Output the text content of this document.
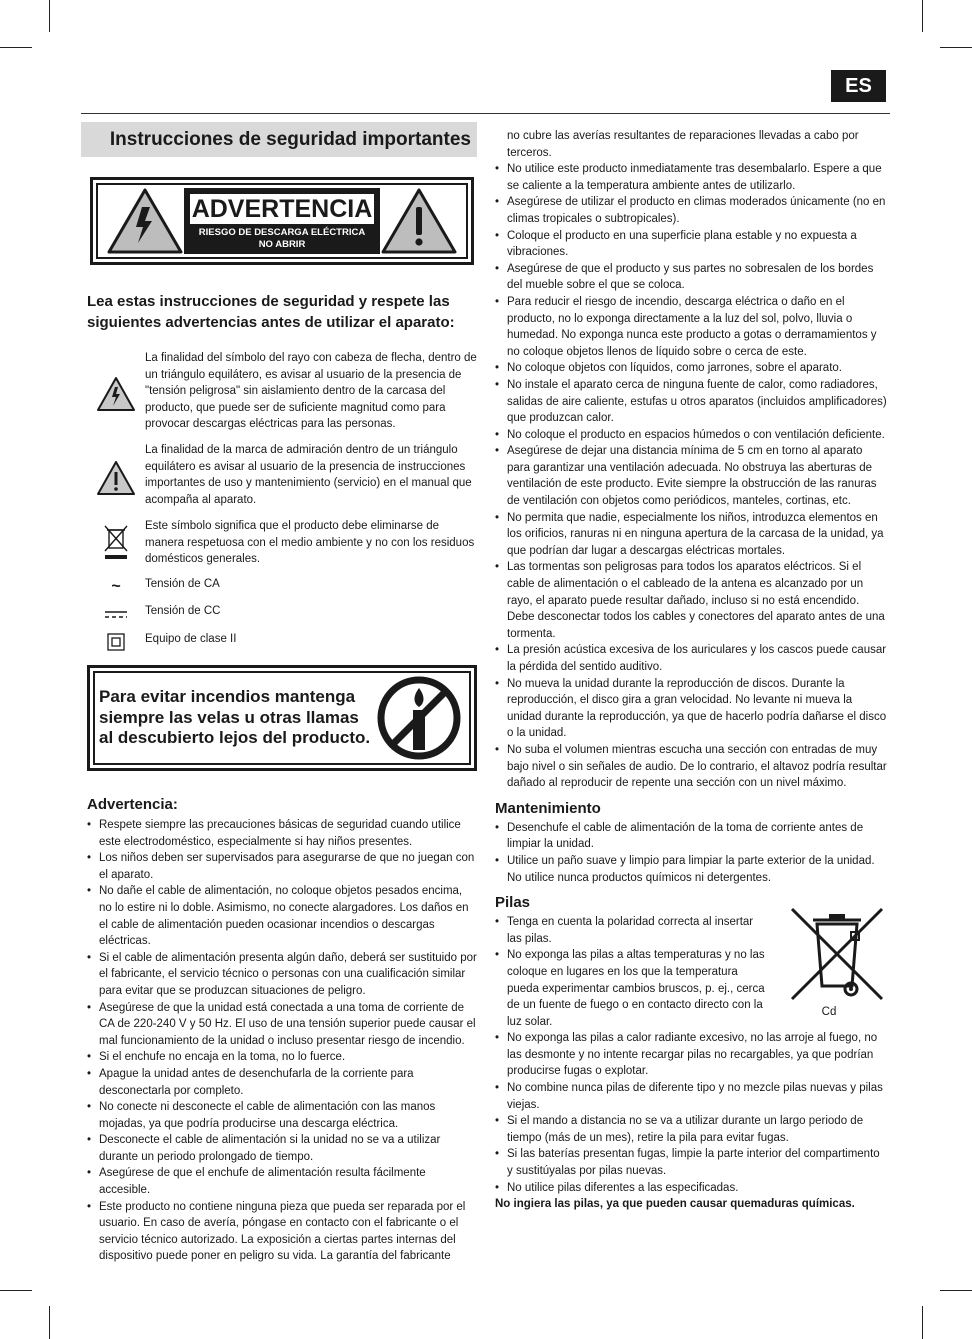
ES
Instrucciones de seguridad importantes
ADVERTENCIA
RIESGO DE DESCARGA ELÉCTRICA
NO ABRIR
Lea estas instrucciones de seguridad y respete las siguientes advertencias antes de utilizar el aparato:
La finalidad del símbolo del rayo con cabeza de flecha, dentro de un triángulo equilátero, es avisar al usuario de la presencia de "tensión peligrosa" sin aislamiento dentro de la carcasa del producto, que puede ser de suficiente magnitud como para provocar descargas eléctricas para las personas.
La finalidad de la marca de admiración dentro de un triángulo equilátero es avisar al usuario de la presencia de instrucciones importantes de uso y mantenimiento (servicio) en el manual que acompaña al aparato.
Este símbolo significa que el producto debe eliminarse de manera respetuosa con el medio ambiente y no con los residuos domésticos generales.
~	Tensión de CA
Tensión de CC
Equipo de clase II
Para evitar incendios mantenga siempre las velas u otras llamas al descubierto lejos del producto.
Advertencia:
• Respete siempre las precauciones básicas de seguridad cuando utilice este electrodoméstico, especialmente si hay niños presentes.
• Los niños deben ser supervisados para asegurarse de que no juegan con el aparato.
• No dañe el cable de alimentación, no coloque objetos pesados encima, no lo estire ni lo doble. Asimismo, no conecte alargadores. Los daños en el cable de alimentación pueden ocasionar incendios o descargas eléctricas.
• Si el cable de alimentación presenta algún daño, deberá ser sustituido por el fabricante, el servicio técnico o personas con una cualificación similar para evitar que se produzcan situaciones de peligro.
• Asegúrese de que la unidad está conectada a una toma de corriente de CA de 220-240 V y 50 Hz. El uso de una tensión superior puede causar el mal funcionamiento de la unidad o incluso presentar riesgo de incendio.
• Si el enchufe no encaja en la toma, no lo fuerce.
• Apague la unidad antes de desenchufarla de la corriente para desconectarla por completo.
• No conecte ni desconecte el cable de alimentación con las manos mojadas, ya que podría producirse una descarga eléctrica.
• Desconecte el cable de alimentación si la unidad no se va a utilizar durante un periodo prolongado de tiempo.
• Asegúrese de que el enchufe de alimentación resulta fácilmente accesible.
• Este producto no contiene ninguna pieza que pueda ser reparada por el usuario. En caso de avería, póngase en contacto con el fabricante o el servicio técnico autorizado. La exposición a ciertas partes internas del dispositivo puede poner en peligro su vida. La garantía del fabricante
no cubre las averías resultantes de reparaciones llevadas a cabo por terceros.
• No utilice este producto inmediatamente tras desembalarlo. Espere a que se caliente a la temperatura ambiente antes de utilizarlo.
• Asegúrese de utilizar el producto en climas moderados únicamente (no en climas tropicales o subtropicales).
• Coloque el producto en una superficie plana estable y no expuesta a vibraciones.
• Asegúrese de que el producto y sus partes no sobresalen de los bordes del mueble sobre el que se coloca.
• Para reducir el riesgo de incendio, descarga eléctrica o daño en el producto, no lo exponga directamente a la luz del sol, polvo, lluvia o humedad. No exponga nunca este producto a gotas o derramamientos y no coloque objetos llenos de líquido sobre o cerca de este.
• No coloque objetos con líquidos, como jarrones, sobre el aparato.
• No instale el aparato cerca de ninguna fuente de calor, como radiadores, salidas de aire caliente, estufas u otros aparatos (incluidos amplificadores) que produzcan calor.
• No coloque el producto en espacios húmedos o con ventilación deficiente.
• Asegúrese de dejar una distancia mínima de 5 cm en torno al aparato para garantizar una ventilación adecuada. No obstruya las aberturas de ventilación de este producto. Evite siempre la obstrucción de las ranuras de ventilación con objetos como periódicos, manteles, cortinas, etc.
• No permita que nadie, especialmente los niños, introduzca elementos en los orificios, ranuras ni en ninguna apertura de la carcasa de la unidad, ya que podrían dar lugar a descargas eléctricas mortales.
• Las tormentas son peligrosas para todos los aparatos eléctricos. Si el cable de alimentación o el cableado de la antena es alcanzado por un rayo, el aparato puede resultar dañado, incluso si no está encendido. Debe desconectar todos los cables y conectores del aparato antes de una tormenta.
• La presión acústica excesiva de los auriculares y los cascos puede causar la pérdida del sentido auditivo.
• No mueva la unidad durante la reproducción de discos. Durante la reproducción, el disco gira a gran velocidad. No levante ni mueva la unidad durante la reproducción, ya que de hacerlo podría dañarse el disco o la unidad.
• No suba el volumen mientras escucha una sección con entradas de muy bajo nivel o sin señales de audio. De lo contrario, el altavoz podría resultar dañado al reproducir de repente una sección con un nivel máximo.
Mantenimiento
• Desenchufe el cable de alimentación de la toma de corriente antes de limpiar la unidad.
• Utilice un paño suave y limpio para limpiar la parte exterior de la unidad. No utilice nunca productos químicos ni detergentes.
Pilas
Cd
• Tenga en cuenta la polaridad correcta al insertar las pilas.
• No exponga las pilas a altas temperaturas y no las coloque en lugares en los que la temperatura pueda experimentar cambios bruscos, p. ej., cerca de un fuente de fuego o en contacto directo con la luz solar.
• No exponga las pilas a calor radiante excesivo, no las arroje al fuego, no las desmonte y no intente recargar pilas no recargables, ya que podrían producirse fugas o explotar.
• No combine nunca pilas de diferente tipo y no mezcle pilas nuevas y pilas viejas.
• Si el mando a distancia no se va a utilizar durante un largo periodo de tiempo (más de un mes), retire la pila para evitar fugas.
• Si las baterías presentan fugas, limpie la parte interior del compartimento y sustitúyalas por pilas nuevas.
• No utilice pilas diferentes a las especificadas.
No ingiera las pilas, ya que pueden causar quemaduras químicas.
